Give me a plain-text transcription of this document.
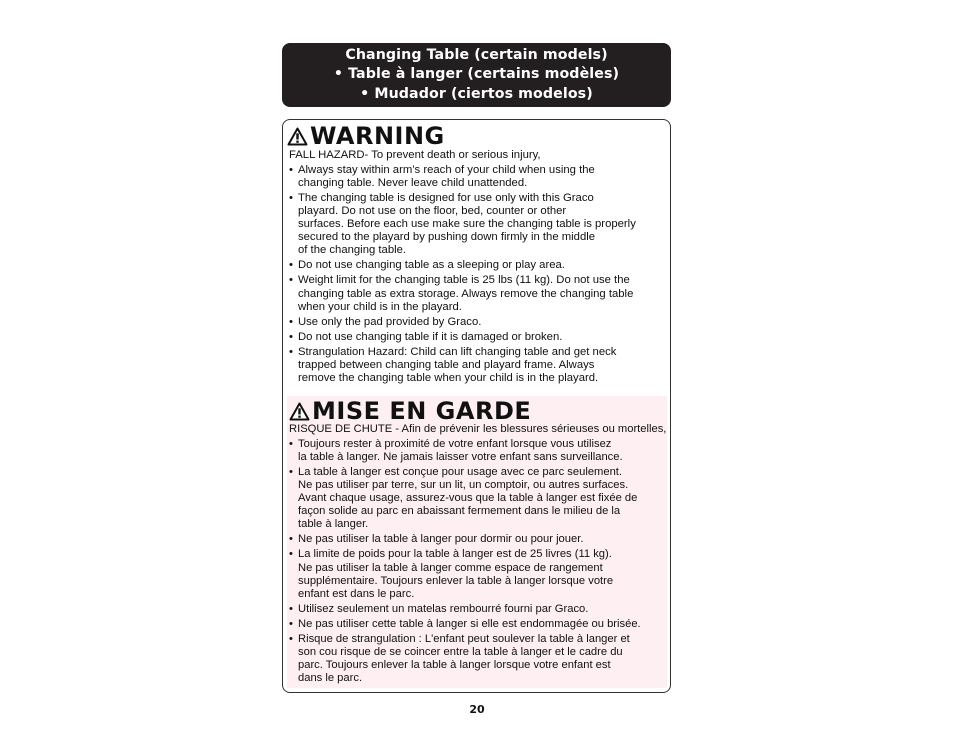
Changing Table (certain models)
• Table à langer (certains modèles)
• Mudador (ciertos modelos)
WARNING

FALL HAZARD- To prevent death or serious injury,

• Always stay within arm’s reach of your child when using the
changing table. Never leave child unattended.

• The changing table is designed for use only with this Graco
playard. Do not use on the floor, bed, counter or other
surfaces. Before each use make sure the changing table is properly
secured to the playard by pushing down firmly in the middle
of the changing table.

• Do not use changing table as a sleeping or play area.

• Weight limit for the changing table is 25 lbs (11 kg). Do not use the
changing table as extra storage. Always remove the changing table
when your child is in the playard.

• Use only the pad provided by Graco.

• Do not use changing table if it is damaged or broken.

• Strangulation Hazard: Child can lift changing table and get neck
trapped between changing table and playard frame. Always
remove the changing table when your child is in the playard.

MISE EN GARDE

RISQUE DE CHUTE - Afin de prévenir les blessures sérieuses ou mortelles,

• Toujours rester à proximité de votre enfant lorsque vous utilisez
la table à langer. Ne jamais laisser votre enfant sans surveillance.

• La table à langer est conçue pour usage avec ce parc seulement.
Ne pas utiliser par terre, sur un lit, un comptoir, ou autres surfaces.
Avant chaque usage, assurez-vous que la table à langer est fixée de
façon solide au parc en abaissant fermement dans le milieu de la
table à langer.

• Ne pas utiliser la table à langer pour dormir ou pour jouer.

• La limite de poids pour la table à langer est de 25 livres (11 kg).
Ne pas utiliser la table à langer comme espace de rangement
supplémentaire. Toujours enlever la table à langer lorsque votre
enfant est dans le parc.

• Utilisez seulement un matelas rembourré fourni par Graco.

• Ne pas utiliser cette table à langer si elle est endommagée ou brisée.

• Risque de strangulation : L'enfant peut soulever la table à langer et
son cou risque de se coincer entre la table à langer et le cadre du
parc. Toujours enlever la table à langer lorsque votre enfant est
dans le parc.

20
